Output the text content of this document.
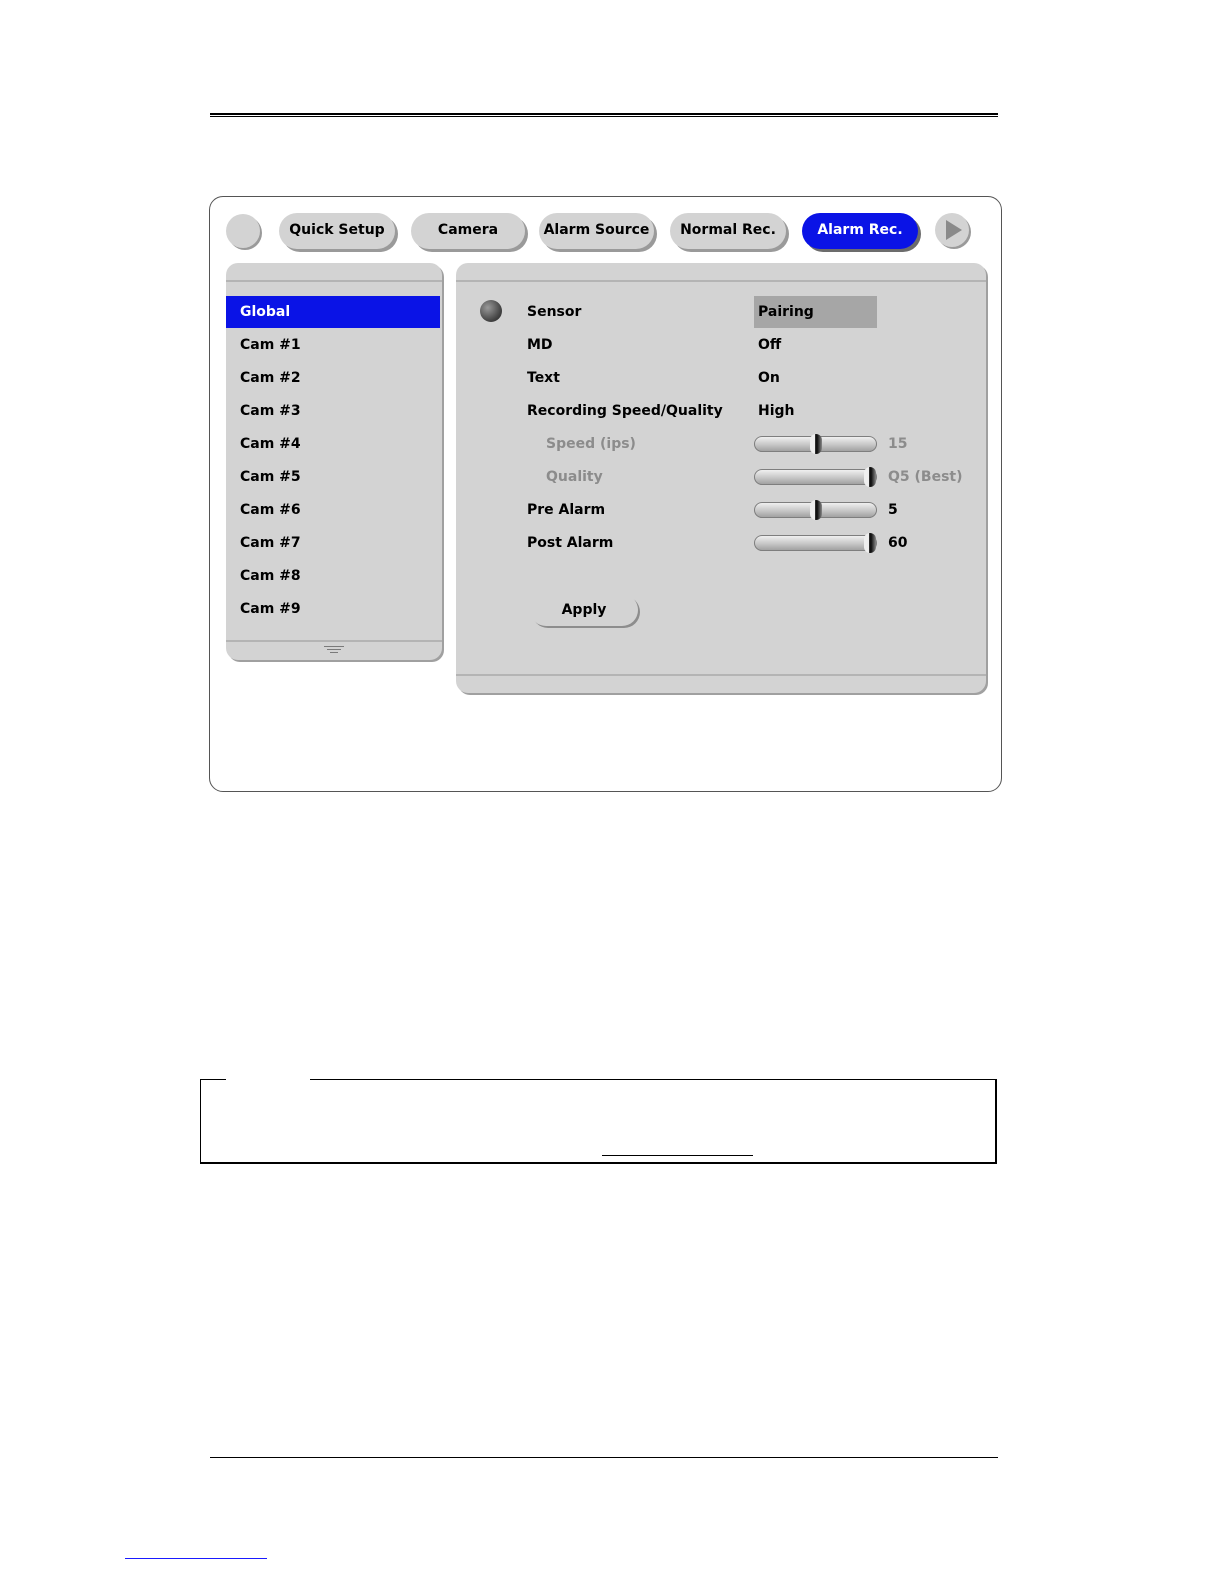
Quick Setup	Camera	Alarm Source	Normal Rec.	Alarm Rec.
Global
Cam #1
Cam #2
Cam #3
Cam #4
Cam #5
Cam #6
Cam #7
Cam #8
Cam #9
Sensor	Pairing
MD	Off
Text	On
Recording Speed/Quality	High
Speed (ips)	15
Quality	Q5 (Best)
Pre Alarm	5
Post Alarm	60
Apply
